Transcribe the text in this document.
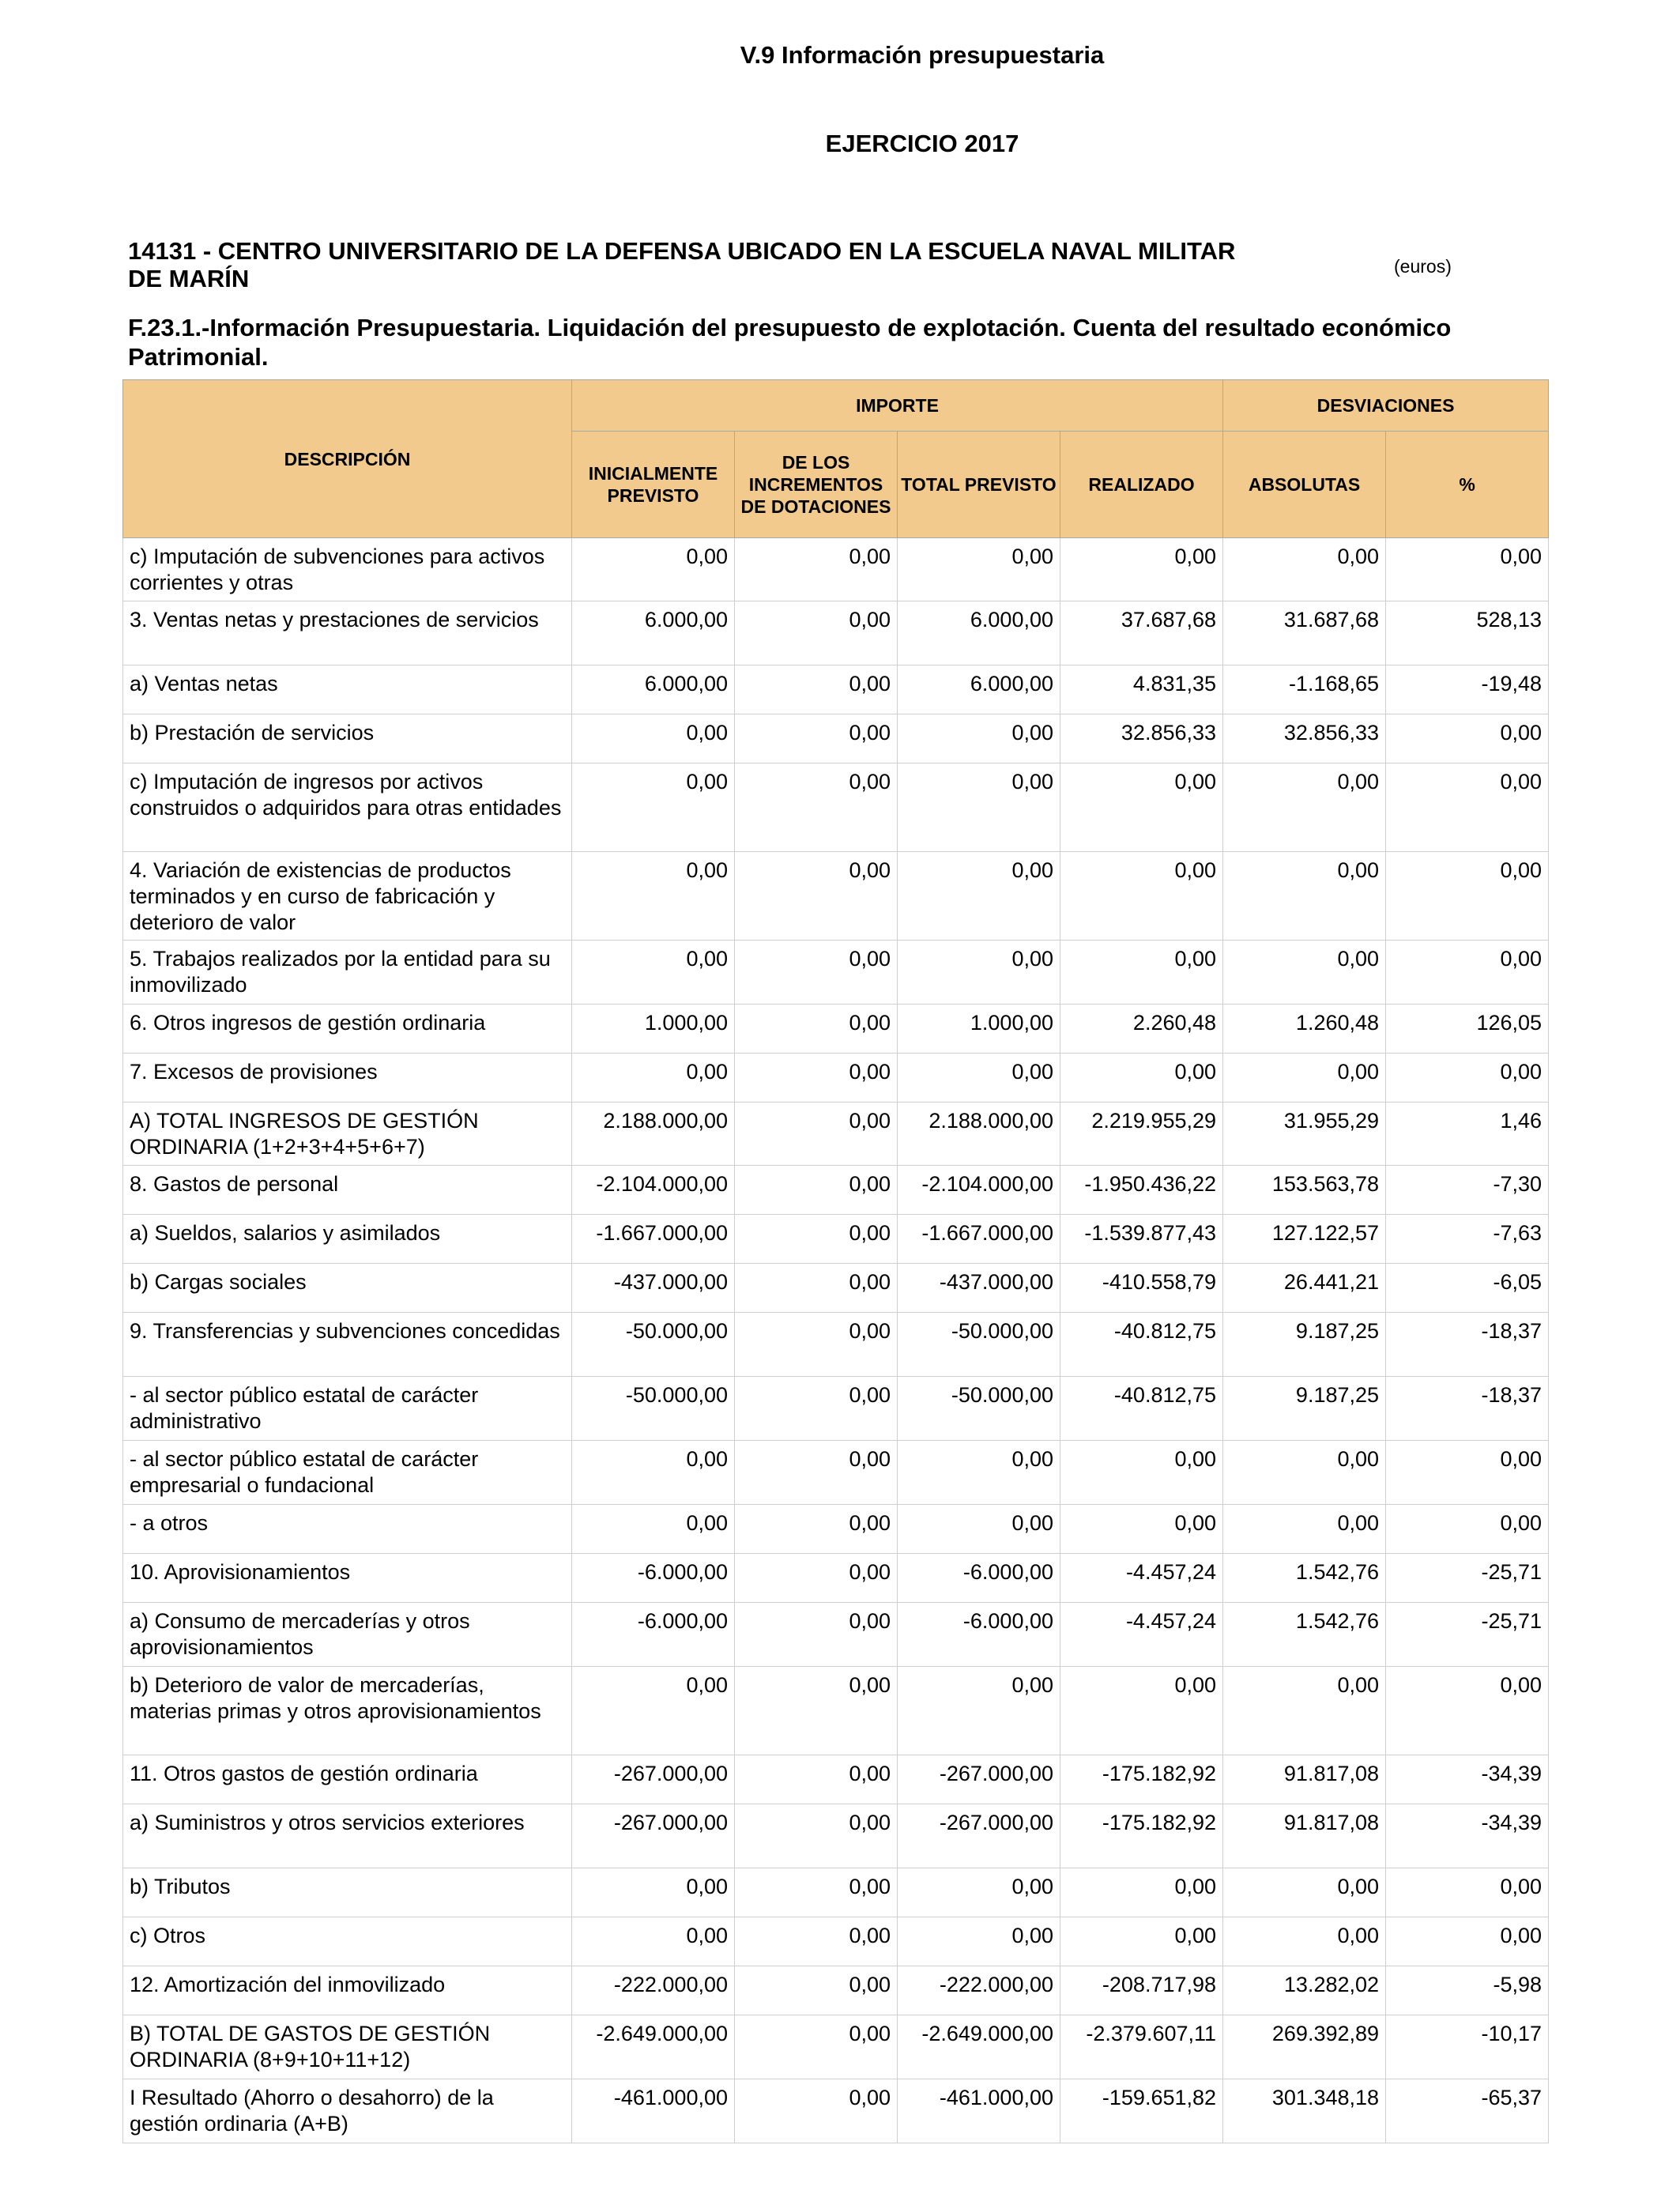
V.9 Información presupuestaria
EJERCICIO 2017
14131 - CENTRO UNIVERSITARIO DE LA DEFENSA UBICADO EN LA ESCUELA NAVAL MILITAR DE MARÍN	(euros)
F.23.1.-Información Presupuestaria. Liquidación del presupuesto de explotación. Cuenta del resultado económico Patrimonial.
DESCRIPCIÓN	IMPORTE				DESVIACIONES	
	INICIALMENTE PREVISTO	DE LOS INCREMENTOS DE DOTACIONES	TOTAL PREVISTO	REALIZADO	ABSOLUTAS	%
c) Imputación de subvenciones para activos corrientes y otras	0,00	0,00	0,00	0,00	0,00	0,00
3. Ventas netas y prestaciones de servicios	6.000,00	0,00	6.000,00	37.687,68	31.687,68	528,13
a) Ventas netas	6.000,00	0,00	6.000,00	4.831,35	-1.168,65	-19,48
b) Prestación de servicios	0,00	0,00	0,00	32.856,33	32.856,33	0,00
c) Imputación de ingresos por activos construidos o adquiridos para otras entidades	0,00	0,00	0,00	0,00	0,00	0,00
4. Variación de existencias de productos terminados y en curso de fabricación y deterioro de valor	0,00	0,00	0,00	0,00	0,00	0,00
5. Trabajos realizados por la entidad para su inmovilizado	0,00	0,00	0,00	0,00	0,00	0,00
6. Otros ingresos de gestión ordinaria	1.000,00	0,00	1.000,00	2.260,48	1.260,48	126,05
7. Excesos de provisiones	0,00	0,00	0,00	0,00	0,00	0,00
A) TOTAL INGRESOS DE GESTIÓN ORDINARIA (1+2+3+4+5+6+7)	2.188.000,00	0,00	2.188.000,00	2.219.955,29	31.955,29	1,46
8. Gastos de personal	-2.104.000,00	0,00	-2.104.000,00	-1.950.436,22	153.563,78	-7,30
a) Sueldos, salarios y asimilados	-1.667.000,00	0,00	-1.667.000,00	-1.539.877,43	127.122,57	-7,63
b) Cargas sociales	-437.000,00	0,00	-437.000,00	-410.558,79	26.441,21	-6,05
9. Transferencias y subvenciones concedidas	-50.000,00	0,00	-50.000,00	-40.812,75	9.187,25	-18,37
- al sector público estatal de carácter administrativo	-50.000,00	0,00	-50.000,00	-40.812,75	9.187,25	-18,37
- al sector público estatal de carácter empresarial o fundacional	0,00	0,00	0,00	0,00	0,00	0,00
- a otros	0,00	0,00	0,00	0,00	0,00	0,00
10. Aprovisionamientos	-6.000,00	0,00	-6.000,00	-4.457,24	1.542,76	-25,71
a) Consumo de mercaderías y otros aprovisionamientos	-6.000,00	0,00	-6.000,00	-4.457,24	1.542,76	-25,71
b) Deterioro de valor de mercaderías, materias primas y otros aprovisionamientos	0,00	0,00	0,00	0,00	0,00	0,00
11. Otros gastos de gestión ordinaria	-267.000,00	0,00	-267.000,00	-175.182,92	91.817,08	-34,39
a) Suministros y otros servicios exteriores	-267.000,00	0,00	-267.000,00	-175.182,92	91.817,08	-34,39
b) Tributos	0,00	0,00	0,00	0,00	0,00	0,00
c) Otros	0,00	0,00	0,00	0,00	0,00	0,00
12. Amortización del inmovilizado	-222.000,00	0,00	-222.000,00	-208.717,98	13.282,02	-5,98
B) TOTAL DE GASTOS DE GESTIÓN ORDINARIA (8+9+10+11+12)	-2.649.000,00	0,00	-2.649.000,00	-2.379.607,11	269.392,89	-10,17
I Resultado (Ahorro o desahorro) de la gestión ordinaria (A+B)	-461.000,00	0,00	-461.000,00	-159.651,82	301.348,18	-65,37
